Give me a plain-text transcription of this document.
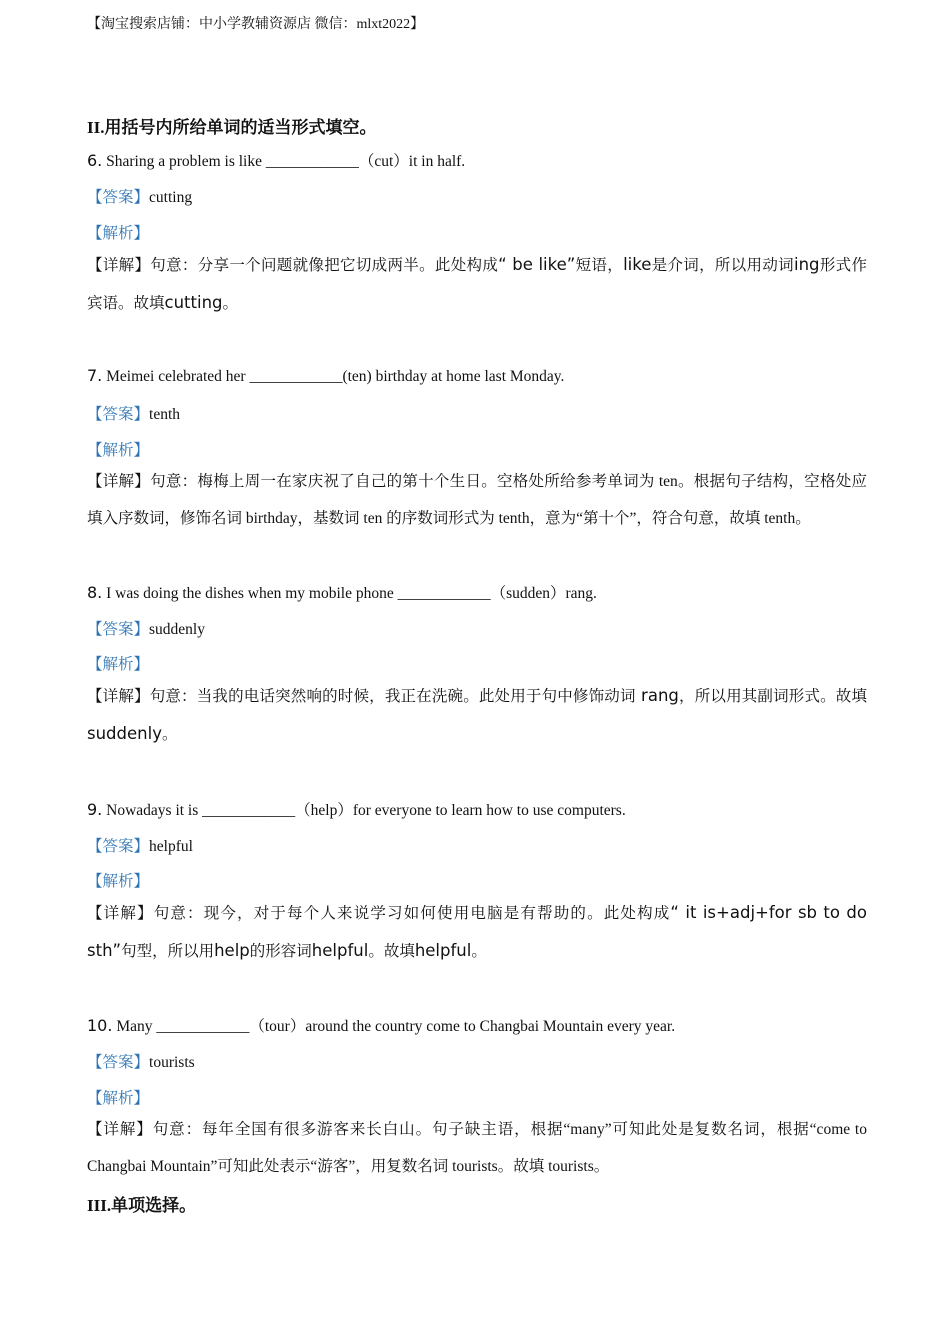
【淘宝搜索店铺：中小学教辅资源店 微信：mlxt2022】
II.用括号内所给单词的适当形式填空。
6. Sharing a problem is like ____________（cut）it in half.
【答案】cutting
【解析】
【详解】句意：分享一个问题就像把它切成两半。此处构成“ be like”短语，like是介词，所以用动词ing形式作宾语。故填cutting。
7. Meimei celebrated her ____________(ten) birthday at home last Monday.
【答案】tenth
【解析】
【详解】句意：梅梅上周一在家庆祝了自己的第十个生日。空格处所给参考单词为 ten。根据句子结构，空格处应填入序数词，修饰名词 birthday，基数词 ten 的序数词形式为 tenth，意为“第十个”，符合句意，故填 tenth。
8. I was doing the dishes when my mobile phone ____________（sudden）rang.
【答案】suddenly
【解析】
【详解】句意：当我的电话突然响的时候，我正在洗碗。此处用于句中修饰动词 rang，所以用其副词形式。故填suddenly。
9. Nowadays it is ____________（help）for everyone to learn how to use computers.
【答案】helpful
【解析】
【详解】句意：现今，对于每个人来说学习如何使用电脑是有帮助的。此处构成“ it is+adj+for sb to do sth”句型，所以用help的形容词helpful。故填helpful。
10. Many ____________（tour）around the country come to Changbai Mountain every year.
【答案】tourists
【解析】
【详解】句意：每年全国有很多游客来长白山。句子缺主语，根据“many”可知此处是复数名词，根据“come to Changbai Mountain”可知此处表示“游客”，用复数名词 tourists。故填 tourists。
III.单项选择。
